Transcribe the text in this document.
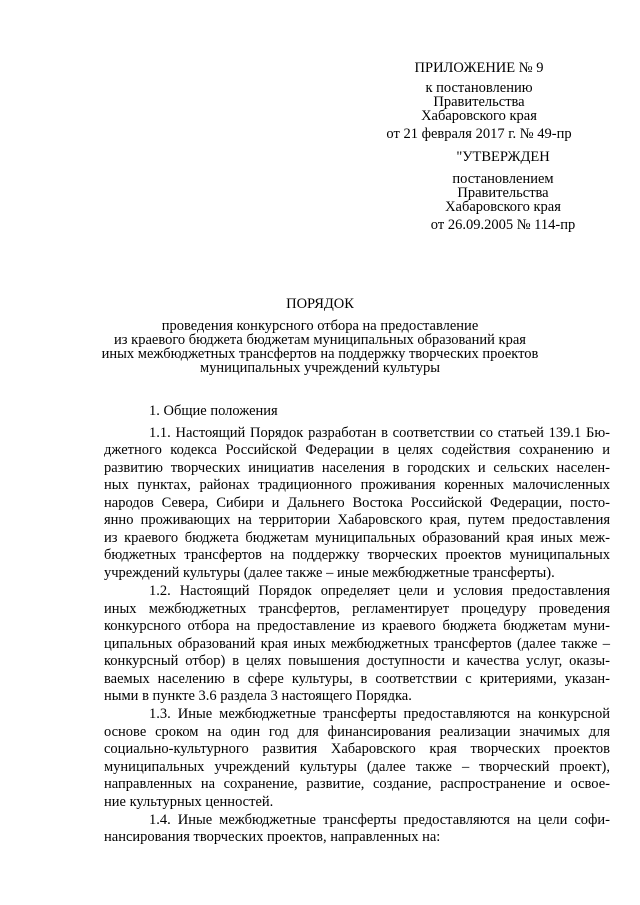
ПРИЛОЖЕНИЕ № 9
к постановлению
Правительства
Хабаровского края
от 21 февраля 2017 г. № 49-пр
"УТВЕРЖДЕН
постановлением
Правительства
Хабаровского края
от 26.09.2005 № 114-пр
ПОРЯДОК
проведения конкурсного отбора на предоставление
из краевого бюджета бюджетам муниципальных образований края
иных межбюджетных трансфертов на поддержку творческих проектов
муниципальных учреждений культуры
1. Общие положения
1.1. Настоящий Порядок разработан в соответствии со статьей 139.1 Бю-
джетного кодекса Российской Федерации в целях содействия сохранению и
развитию творческих инициатив населения в городских и сельских населен-
ных пунктах, районах традиционного проживания коренных малочисленных
народов Севера, Сибири и Дальнего Востока Российской Федерации, посто-
янно проживающих на территории Хабаровского края, путем предоставления
из краевого бюджета бюджетам муниципальных образований края иных меж-
бюджетных трансфертов на поддержку творческих проектов муниципальных
учреждений культуры (далее также – иные межбюджетные трансферты).
1.2. Настоящий Порядок определяет цели и условия предоставления
иных межбюджетных трансфертов, регламентирует процедуру проведения
конкурсного отбора на предоставление из краевого бюджета бюджетам муни-
ципальных образований края иных межбюджетных трансфертов (далее также –
конкурсный отбор) в целях повышения доступности и качества услуг, оказы-
ваемых населению в сфере культуры, в соответствии с критериями, указан-
ными в пункте 3.6 раздела 3 настоящего Порядка.
1.3. Иные межбюджетные трансферты предоставляются на конкурсной
основе сроком на один год для финансирования реализации значимых для
социально-культурного развития Хабаровского края творческих проектов
муниципальных учреждений культуры (далее также – творческий проект),
направленных на сохранение, развитие, создание, распространение и освое-
ние культурных ценностей.
1.4. Иные межбюджетные трансферты предоставляются на цели софи-
нансирования творческих проектов, направленных на:
